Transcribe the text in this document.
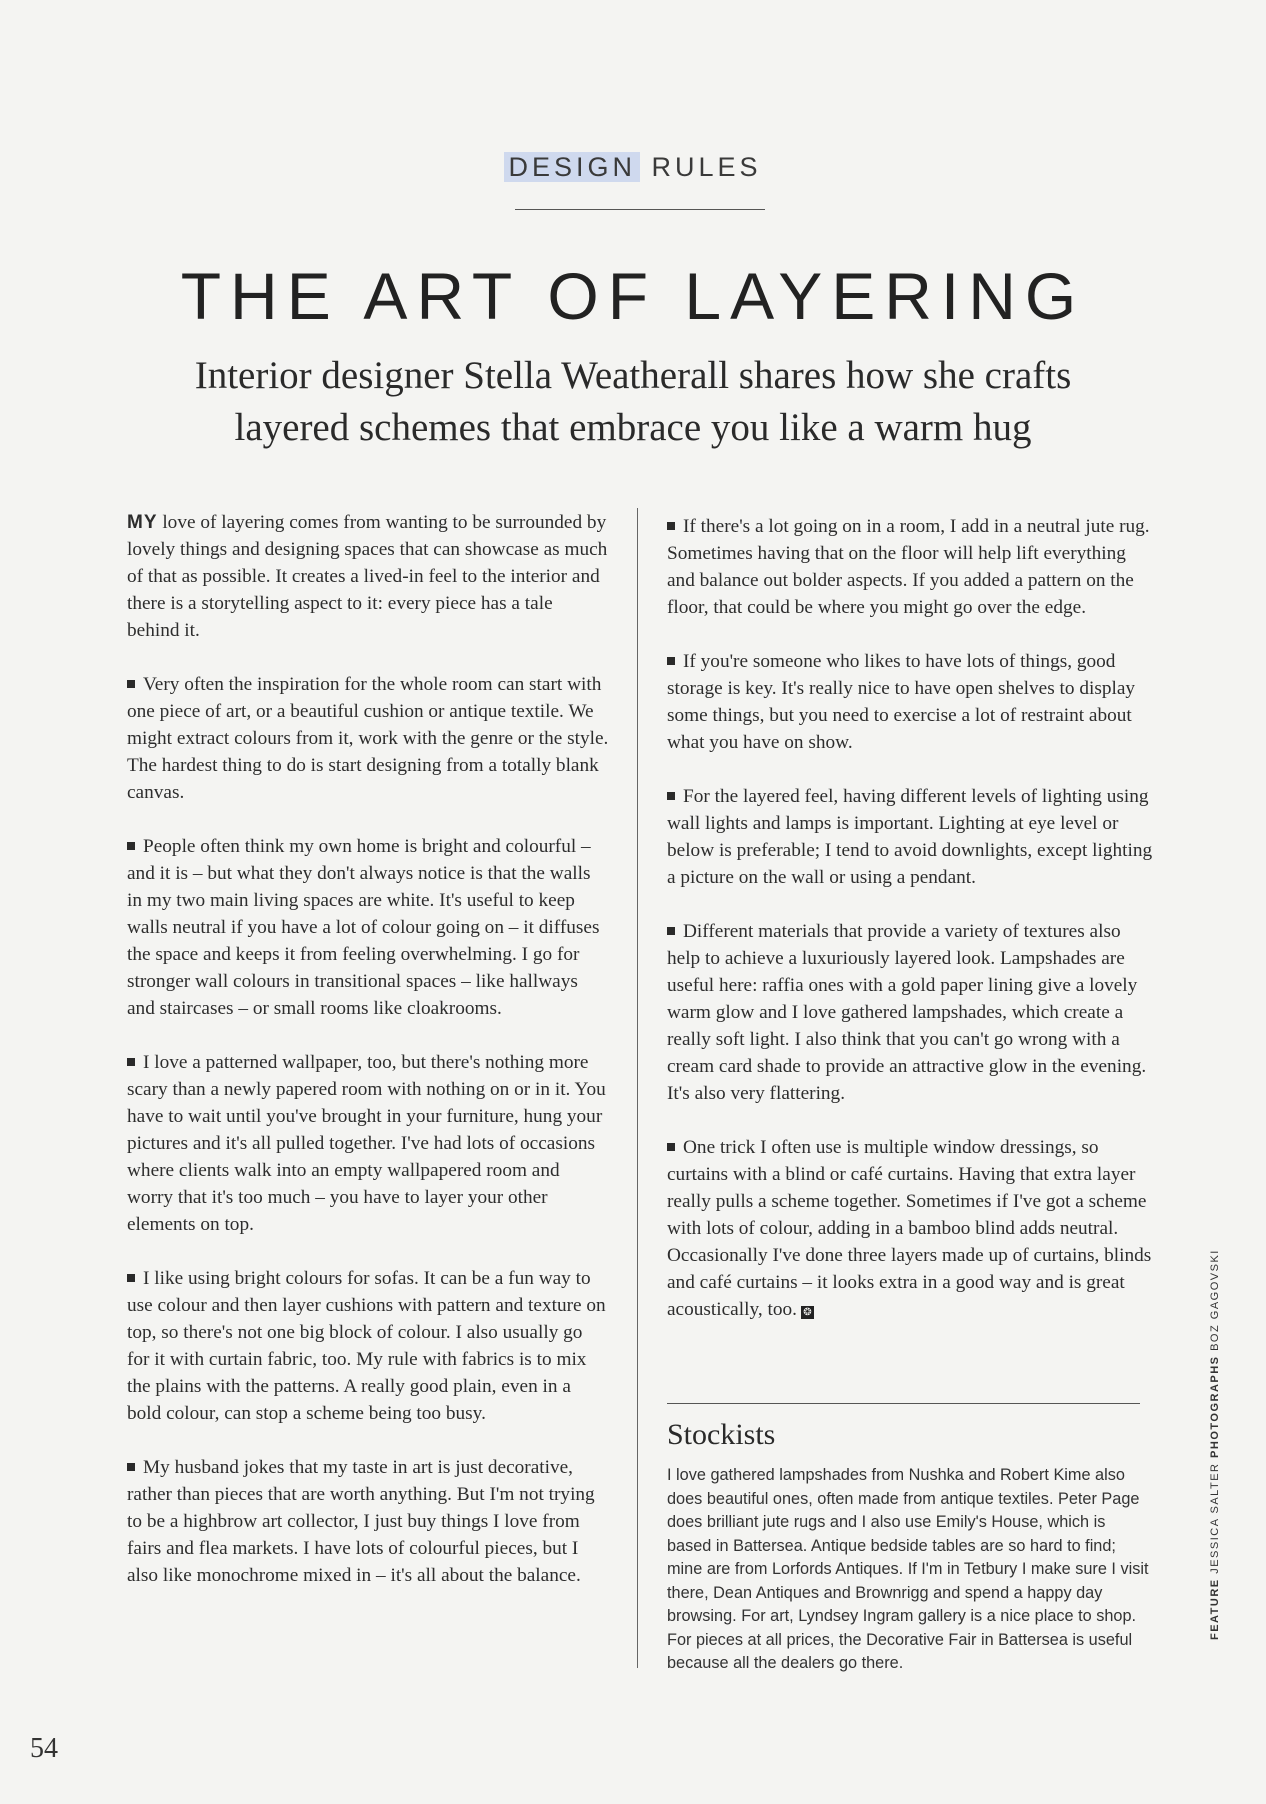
DESIGN RULES
THE ART OF LAYERING
Interior designer Stella Weatherall shares how she crafts
layered schemes that embrace you like a warm hug

MY love of layering comes from wanting to be surrounded by lovely things and designing spaces that can showcase as much of that as possible. It creates a lived-in feel to the interior and there is a storytelling aspect to it: every piece has a tale behind it.

Very often the inspiration for the whole room can start with one piece of art, or a beautiful cushion or antique textile. We might extract colours from it, work with the genre or the style. The hardest thing to do is start designing from a totally blank canvas.

People often think my own home is bright and colourful – and it is – but what they don't always notice is that the walls in my two main living spaces are white. It's useful to keep walls neutral if you have a lot of colour going on – it diffuses the space and keeps it from feeling overwhelming. I go for stronger wall colours in transitional spaces – like hallways and staircases – or small rooms like cloakrooms.

I love a patterned wallpaper, too, but there's nothing more scary than a newly papered room with nothing on or in it. You have to wait until you've brought in your furniture, hung your pictures and it's all pulled together. I've had lots of occasions where clients walk into an empty wallpapered room and worry that it's too much – you have to layer your other elements on top.

I like using bright colours for sofas. It can be a fun way to use colour and then layer cushions with pattern and texture on top, so there's not one big block of colour. I also usually go for it with curtain fabric, too. My rule with fabrics is to mix the plains with the patterns. A really good plain, even in a bold colour, can stop a scheme being too busy.

My husband jokes that my taste in art is just decorative, rather than pieces that are worth anything. But I'm not trying to be a highbrow art collector, I just buy things I love from fairs and flea markets. I have lots of colourful pieces, but I also like monochrome mixed in – it's all about the balance.

If there's a lot going on in a room, I add in a neutral jute rug. Sometimes having that on the floor will help lift everything and balance out bolder aspects. If you added a pattern on the floor, that could be where you might go over the edge.

If you're someone who likes to have lots of things, good storage is key. It's really nice to have open shelves to display some things, but you need to exercise a lot of restraint about what you have on show.

For the layered feel, having different levels of lighting using wall lights and lamps is important. Lighting at eye level or below is preferable; I tend to avoid downlights, except lighting a picture on the wall or using a pendant.

Different materials that provide a variety of textures also help to achieve a luxuriously layered look. Lampshades are useful here: raffia ones with a gold paper lining give a lovely warm glow and I love gathered lampshades, which create a really soft light. I also think that you can't go wrong with a cream card shade to provide an attractive glow in the evening. It's also very flattering.

One trick I often use is multiple window dressings, so curtains with a blind or café curtains. Having that extra layer really pulls a scheme together. Sometimes if I've got a scheme with lots of colour, adding in a bamboo blind adds neutral. Occasionally I've done three layers made up of curtains, blinds and café curtains – it looks extra in a good way and is great acoustically, too. ❂

Stockists
I love gathered lampshades from Nushka and Robert Kime also does beautiful ones, often made from antique textiles. Peter Page does brilliant jute rugs and I also use Emily's House, which is based in Battersea. Antique bedside tables are so hard to find; mine are from Lorfords Antiques. If I'm in Tetbury I make sure I visit there, Dean Antiques and Brownrigg and spend a happy day browsing. For art, Lyndsey Ingram gallery is a nice place to shop. For pieces at all prices, the Decorative Fair in Battersea is useful because all the dealers go there.
FEATURE JESSICA SALTER PHOTOGRAPHS BOZ GAGOVSKI
54
